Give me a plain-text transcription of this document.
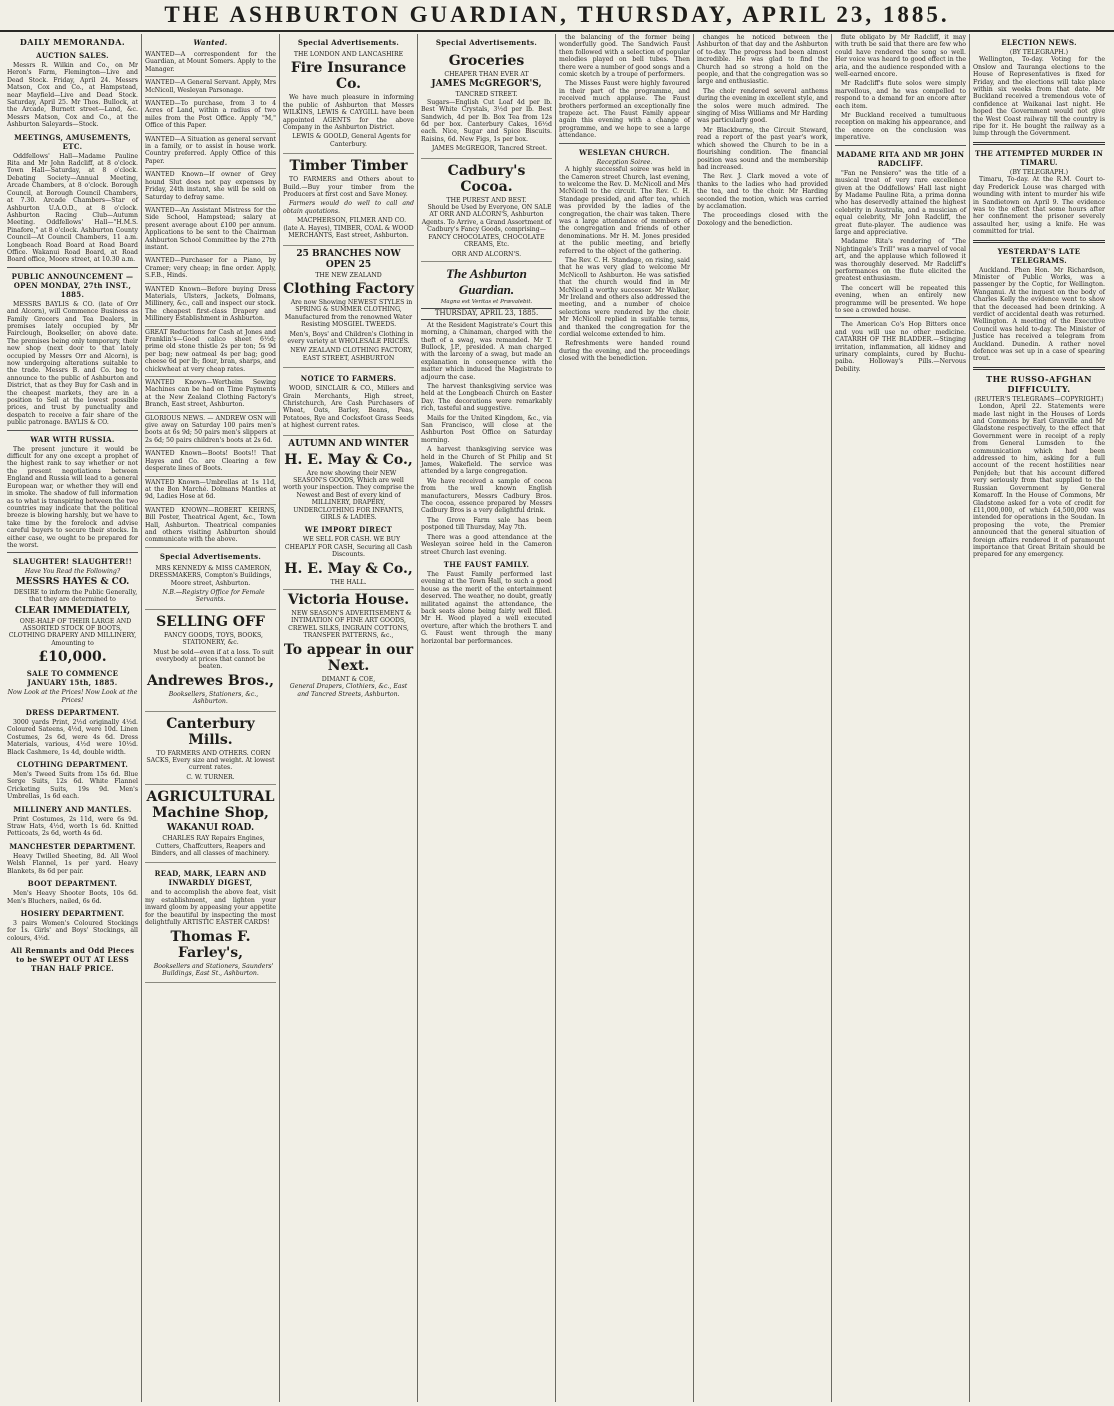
THE ASHBURTON GUARDIAN, THURSDAY, APRIL 23, 1885.
DAILY MEMORANDA.
AUCTION SALES.

Messrs R. Wilkin and Co., on Mr Heron's Farm, Flemington—Live and Dead Stock. Friday, April 24. Messrs Matson, Cox and Co., at Hampstead, near Mayfield—Live and Dead Stock. Saturday, April 25. Mr Thos. Bullock, at the Arcade, Burnett street—Land, &c. Messrs Matson, Cox and Co., at the Ashburton Saleyards—Stock.

MEETINGS, AMUSEMENTS, ETC.

Oddfellows' Hall—Madame Pauline Rita and Mr John Radcliff, at 8 o'clock. Town Hall—Saturday, at 8 o'clock. Debating Society—Annual Meeting, Arcade Chambers, at 8 o'clock. Borough Council, at Borough Council Chambers, at 7.30. Arcade Chambers—Star of Ashburton U.A.O.D., at 8 o'clock. Ashburton Racing Club—Autumn Meeting. Oddfellows' Hall—"H.M.S. Pinafore," at 8 o'clock. Ashburton County Council—At Council Chambers, 11 a.m. Longbeach Road Board at Road Board Office. Wakanui Road Board, at Road Board office, Moore street, at 10.30 a.m.

PUBLIC ANNOUNCEMENT — OPEN MONDAY, 27th INST., 1885.

MESSRS BAYLIS & CO. (late of Orr and Alcorn), will Commence Business as Family Grocers and Tea Dealers, in premises lately occupied by Mr Fairclough, Bookseller, on above date. The premises being only temporary, their new shop (next door to that lately occupied by Messrs Orr and Alcorn), is now undergoing alterations suitable to the trade. Messrs B. and Co. beg to announce to the public of Ashburton and District, that as they Buy for Cash and in the cheapest markets, they are in a position to Sell at the lowest possible prices, and trust by punctuality and despatch to receive a fair share of the public patronage. BAYLIS & CO.

WAR WITH RUSSIA.

The present juncture it would be difficult for any one except a prophet of the highest rank to say whether or not the present negotiations between England and Russia will lead to a general European war, or whether they will end in smoke. The shadow of full information as to what is transpiring between the two countries may indicate that the political breeze is blowing harshly, but we have to take time by the forelock and advise careful buyers to secure their stocks. In either case, we ought to be prepared for the worst.

SLAUGHTER! SLAUGHTER!!
Have You Read the Following?
MESSRS HAYES & CO.

DESIRE to inform the Public Generally, that they are determined to

CLEAR IMMEDIATELY,

ONE-HALF OF THEIR LARGE AND ASSORTED STOCK OF BOOTS, CLOTHING DRAPERY AND MILLINERY, Amounting to

£10,000.
SALE TO COMMENCE JANUARY 15th, 1885.
Now Look at the Prices! Now Look at the Prices!
DRESS DEPARTMENT.

3000 yards Print, 2½d originally 4½d. Coloured Sateens, 4½d, were 10d. Linen Costumes, 2s 6d, were 4s 6d. Dress Materials, various, 4½d were 10½d. Black Cashmere, 1s 4d, double width.

CLOTHING DEPARTMENT.

Men's Tweed Suits from 15s 6d. Blue Serge Suits, 12s 6d. White Flannel Cricketing Suits, 19s 9d. Men's Umbrellas, 1s 6d each.

MILLINERY AND MANTLES.

Print Costumes, 2s 11d, were 6s 9d. Straw Hats, 4½d, worth 1s 6d. Knitted Petticoats, 2s 6d, worth 4s 6d.

MANCHESTER DEPARTMENT.

Heavy Twilled Sheeting, 8d. All Wool Welsh Flannel, 1s per yard. Heavy Blankets, 8s 6d per pair.

BOOT DEPARTMENT.

Men's Heavy Shooter Boots, 10s 6d. Men's Bluchers, nailed, 6s 6d.

HOSIERY DEPARTMENT.

3 pairs Women's Coloured Stockings for 1s. Girls' and Boys' Stockings, all colours, 4½d.

All Remnants and Odd Pieces to be SWEPT OUT AT LESS THAN HALF PRICE.
Wanted.
WANTED—A correspondent for the Guardian, at Mount Somers. Apply to the Manager.
WANTED—A General Servant. Apply, Mrs McNicoll, Wesleyan Parsonage.
WANTED—To purchase, from 3 to 4 Acres of Land, within a radius of two miles from the Post Office. Apply "M," Office of this Paper.
WANTED—A Situation as general servant in a family, or to assist in house work. Country preferred. Apply Office of this Paper.
WANTED Known—If owner of Grey hound Slut does not pay expenses by Friday, 24th instant, she will be sold on Saturday to defray same.
WANTED—An Assistant Mistress for the Side School, Hampstead; salary at present average about £100 per annum. Applications to be sent to the Chairman Ashburton School Committee by the 27th instant.
WANTED—Purchaser for a Piano, by Cramer; very cheap; in fine order. Apply, S.F.B., Hinds.
WANTED Known—Before buying Dress Materials, Ulsters, Jackets, Dolmans, Millinery, &c., call and inspect our stock. The cheapest first-class Drapery and Millinery Establishment in Ashburton.
GREAT Reductions for Cash at Jones and Franklin's—Good calico sheet 6½d; prime old stone thistle 2s per ton; 5s 9d per bag; new oatmeal 4s per bag; good cheese 6d per lb; flour, bran, sharps, and chickwheat at very cheap rates.
WANTED Known—Wertheim Sewing Machines can be had on Time Payments at the New Zealand Clothing Factory's Branch, East street, Ashburton.
GLORIOUS NEWS. — ANDREW OSN will give away on Saturday 100 pairs men's boots at 6s 9d; 50 pairs men's slippers at 2s 6d; 50 pairs children's boots at 2s 6d.
WANTED Known—Boots! Boots!! That Hayes and Co. are Clearing a few desperate lines of Boots.
WANTED Known—Umbrellas at 1s 11d, at the Bon Marché. Dolmans Mantles at 9d, Ladies Hose at 6d.
WANTED KNOWN—ROBERT KEIRNS, Bill Poster, Theatrical Agent, &c., Town Hall, Ashburton. Theatrical companies and others visiting Ashburton should communicate with the above.
Special Advertisements.

MRS KENNEDY & MISS CAMERON, DRESSMAKERS, Compton's Buildings, Moore street, Ashburton.

N.B.—Registry Office for Female Servants.

SELLING OFF

FANCY GOODS, TOYS, BOOKS, STATIONERY, &c.

Must be sold—even if at a loss. To suit everybody at prices that cannot be beaten.

Andrewes Bros.,

Booksellers, Stationers, &c., Ashburton.

Canterbury Mills.

TO FARMERS AND OTHERS. CORN SACKS, Every size and weight. At lowest current rates.

C. W. TURNER.
AGRICULTURAL Machine Shop,
WAKANUI ROAD.

CHARLES RAY Repairs Engines, Cutters, Chaffcutters, Reapers and Binders, and all classes of machinery.

READ, MARK, LEARN AND INWARDLY DIGEST,

and to accomplish the above feat, visit my establishment, and lighten your inward gloom by appeasing your appetite for the beautiful by inspecting the most delightfully ARTISTIC EASTER CARDS!

Thomas F. Farley's,

Booksellers and Stationers, Saunders' Buildings, East St., Ashburton.

Special Advertisements.
THE LONDON AND LANCASHIRE
Fire Insurance Co.

We have much pleasure in informing the public of Ashburton that Messrs WILKINS, LEWIS & CAYGILL have been appointed AGENTS for the above Company in the Ashburton District.

LEWIS & GOOLD, General Agents for Canterbury.

Timber Timber

TO FARMERS and Others about to Build.—Buy your timber from the Producers at first cost and Save Money.

Farmers would do well to call and obtain quotations.

MACPHERSON, FILMER AND CO. (late A. Hayes), TIMBER, COAL & WOOD MERCHANTS, East street, Ashburton.

25 BRANCHES NOW OPEN 25
THE NEW ZEALAND
Clothing Factory

Are now Showing NEWEST STYLES in SPRING & SUMMER CLOTHING, Manufactured from the renowned Water Resisting MOSGIEL TWEEDS.

Men's, Boys' and Children's Clothing in every variety at WHOLESALE PRICES.

NEW ZEALAND CLOTHING FACTORY, EAST STREET, ASHBURTON

NOTICE TO FARMERS.

WOOD, SINCLAIR & CO., Millers and Grain Merchants, High street, Christchurch, Are Cash Purchasers of Wheat, Oats, Barley, Beans, Peas, Potatoes, Rye and Cocksfoot Grass Seeds at highest current rates.

AUTUMN AND WINTER
H. E. May & Co.,

Are now showing their NEW SEASON'S GOODS, Which are well worth your inspection. They comprise the Newest and Best of every kind of MILLINERY, DRAPERY, UNDERCLOTHING FOR INFANTS, GIRLS & LADIES.

WE IMPORT DIRECT

WE SELL FOR CASH. WE BUY CHEAPLY FOR CASH, Securing all Cash Discounts.

H. E. May & Co.,
THE HALL.
Victoria House.

NEW SEASON'S ADVERTISEMENT & INTIMATION OF FINE ART GOODS, CREWEL SILKS, INGRAIN COTTONS, TRANSFER PATTERNS, &c.,

To appear in our Next.
DIMANT & COE,
General Drapers, Clothiers, &c., East and Tancred Streets, Ashburton.
Special Advertisements.
Groceries
CHEAPER THAN EVER AT
JAMES McGREGOR'S,
TANCRED STREET.

Sugars—English Cut Loaf 4d per lb. Best White Crystals, 3½d per lb. Best Sandwich, 4d per lb. Box Tea from 12s 6d per box. Canterbury Cakes, 16½d each. Nice, Sugar and Spice Biscuits. Raisins, 6d. New Figs, 1s per box.

JAMES McGREGOR, Tancred Street.

Cadbury's Cocoa.
THE PUREST AND BEST.

Should be Used by Everyone, ON SALE AT ORR AND ALCORN'S, Ashburton Agents. To Arrive, a Grand Assortment of Cadbury's Fancy Goods, comprising—FANCY CHOCOLATES, CHOCOLATE CREAMS, Etc.

ORR AND ALCORN'S.
The Ashburton Guardian.
Magna est Veritas et Prævalebit.
THURSDAY, APRIL 23, 1885.

At the Resident Magistrate's Court this morning, a Chinaman, charged with the theft of a swag, was remanded. Mr T. Bullock, J.P., presided. A man charged with the larceny of a swag, but made an explanation in consequence with the matter which induced the Magistrate to adjourn the case.

The harvest thanksgiving service was held at the Longbeach Church on Easter Day. The decorations were remarkably rich, tasteful and suggestive.

Mails for the United Kingdom, &c., via San Francisco, will close at the Ashburton Post Office on Saturday morning.

A harvest thanksgiving service was held in the Church of St Philip and St James, Wakefield. The service was attended by a large congregation.

We have received a sample of cocoa from the well known English manufacturers, Messrs Cadbury Bros. The cocoa, essence prepared by Messrs Cadbury Bros is a very delightful drink.

The Grove Farm sale has been postponed till Thursday, May 7th.

There was a good attendance at the Wesleyan soiree held in the Cameron street Church last evening.

THE FAUST FAMILY.

The Faust Family performed last evening at the Town Hall, to such a good house as the merit of the entertainment deserved. The weather, no doubt, greatly militated against the attendance, the back seats alone being fairly well filled. Mr H. Wood played a well executed overture, after which the brothers T. and G. Faust went through the many horizontal bar performances.

the balancing of the former being wonderfully good. The Sandwich Faust then followed with a selection of popular melodies played on bell tubes. Then there were a number of good songs and a comic sketch by a troupe of performers.

The Misses Faust were highly favoured in their part of the programme, and received much applause. The Faust brothers performed an exceptionally fine trapeze act. The Faust Family appear again this evening with a change of programme, and we hope to see a large attendance.

WESLEYAN CHURCH.
Reception Soiree.

A highly successful soiree was held in the Cameron street Church, last evening, to welcome the Rev. D. McNicoll and Mrs McNicoll to the circuit. The Rev. C. H. Standage presided, and after tea, which was provided by the ladies of the congregation, the chair was taken. There was a large attendance of members of the congregation and friends of other denominations. Mr H. M. Jones presided at the public meeting, and briefly referred to the object of the gathering.

The Rev. C. H. Standage, on rising, said that he was very glad to welcome Mr McNicoll to Ashburton. He was satisfied that the church would find in Mr McNicoll a worthy successor. Mr Walker, Mr Ireland and others also addressed the meeting, and a number of choice selections were rendered by the choir. Mr McNicoll replied in suitable terms, and thanked the congregation for the cordial welcome extended to him.

Refreshments were handed round during the evening, and the proceedings closed with the benediction.

changes he noticed between the Ashburton of that day and the Ashburton of to-day. The progress had been almost incredible. He was glad to find the Church had so strong a hold on the people, and that the congregation was so large and enthusiastic.

The choir rendered several anthems during the evening in excellent style, and the solos were much admired. The singing of Miss Williams and Mr Harding was particularly good.

Mr Blackburne, the Circuit Steward, read a report of the past year's work, which showed the Church to be in a flourishing condition. The financial position was sound and the membership had increased.

The Rev. J. Clark moved a vote of thanks to the ladies who had provided the tea, and to the choir. Mr Harding seconded the motion, which was carried by acclamation.

The proceedings closed with the Doxology and the benediction.

flute obligato by Mr Radcliff, it may with truth be said that there are few who could have rendered the song so well. Her voice was heard to good effect in the aria, and the audience responded with a well-earned encore.

Mr Radcliff's flute solos were simply marvellous, and he was compelled to respond to a demand for an encore after each item.

Mr Buckland received a tumultuous reception on making his appearance, and the encore on the conclusion was imperative.

MADAME RITA AND MR JOHN RADCLIFF.

"Fan ne Pensiero" was the title of a musical treat of very rare excellence given at the Oddfellows' Hall last night by Madame Pauline Rita, a prima donna who has deservedly attained the highest celebrity in Australia, and a musician of equal celebrity, Mr John Radcliff, the great flute-player. The audience was large and appreciative.

Madame Rita's rendering of "The Nightingale's Trill" was a marvel of vocal art, and the applause which followed it was thoroughly deserved. Mr Radcliff's performances on the flute elicited the greatest enthusiasm.

The concert will be repeated this evening, when an entirely new programme will be presented. We hope to see a crowded house.

The American Co's Hop Bitters once and you will use no other medicine. CATARRH OF THE BLADDER.—Stinging irritation, inflammation, all kidney and urinary complaints, cured by Buchu-paiba. Holloway's Pills.—Nervous Debility.

ELECTION NEWS.
(BY TELEGRAPH.)

Wellington, To-day. Voting for the Onslow and Tauranga elections to the House of Representatives is fixed for Friday, and the elections will take place within six weeks from that date. Mr Buckland received a tremendous vote of confidence at Waikanai last night. He hoped the Government would not give the West Coast railway till the country is ripe for it. He bought the railway as a lump through the Government.

THE ATTEMPTED MURDER IN TIMARU.
(BY TELEGRAPH.)

Timaru, To-day. At the R.M. Court to-day Frederick Louse was charged with wounding with intent to murder his wife in Sandietown on April 9. The evidence was to the effect that some hours after her confinement the prisoner severely assaulted her, using a knife. He was committed for trial.

YESTERDAY'S LATE TELEGRAMS.

Auckland. Phen Hon. Mr Richardson, Minister of Public Works, was a passenger by the Coptic, for Wellington. Wanganui. At the inquest on the body of Charles Kelly the evidence went to show that the deceased had been drinking. A verdict of accidental death was returned. Wellington. A meeting of the Executive Council was held to-day. The Minister of Justice has received a telegram from Auckland. Dunedin. A rather novel defence was set up in a case of spearing trout.

THE RUSSO-AFGHAN DIFFICULTY.
(REUTER'S TELEGRAMS—COPYRIGHT.)

London, April 22. Statements were made last night in the Houses of Lords and Commons by Earl Granville and Mr Gladstone respectively, to the effect that Government were in receipt of a reply from General Lumsden to the communication which had been addressed to him, asking for a full account of the recent hostilities near Penjdeh; but that his account differed very seriously from that supplied to the Russian Government by General Komaroff. In the House of Commons, Mr Gladstone asked for a vote of credit for £11,000,000, of which £4,500,000 was intended for operations in the Soudan. In proposing the vote, the Premier announced that the general situation of foreign affairs rendered it of paramount importance that Great Britain should be prepared for any emergency.
